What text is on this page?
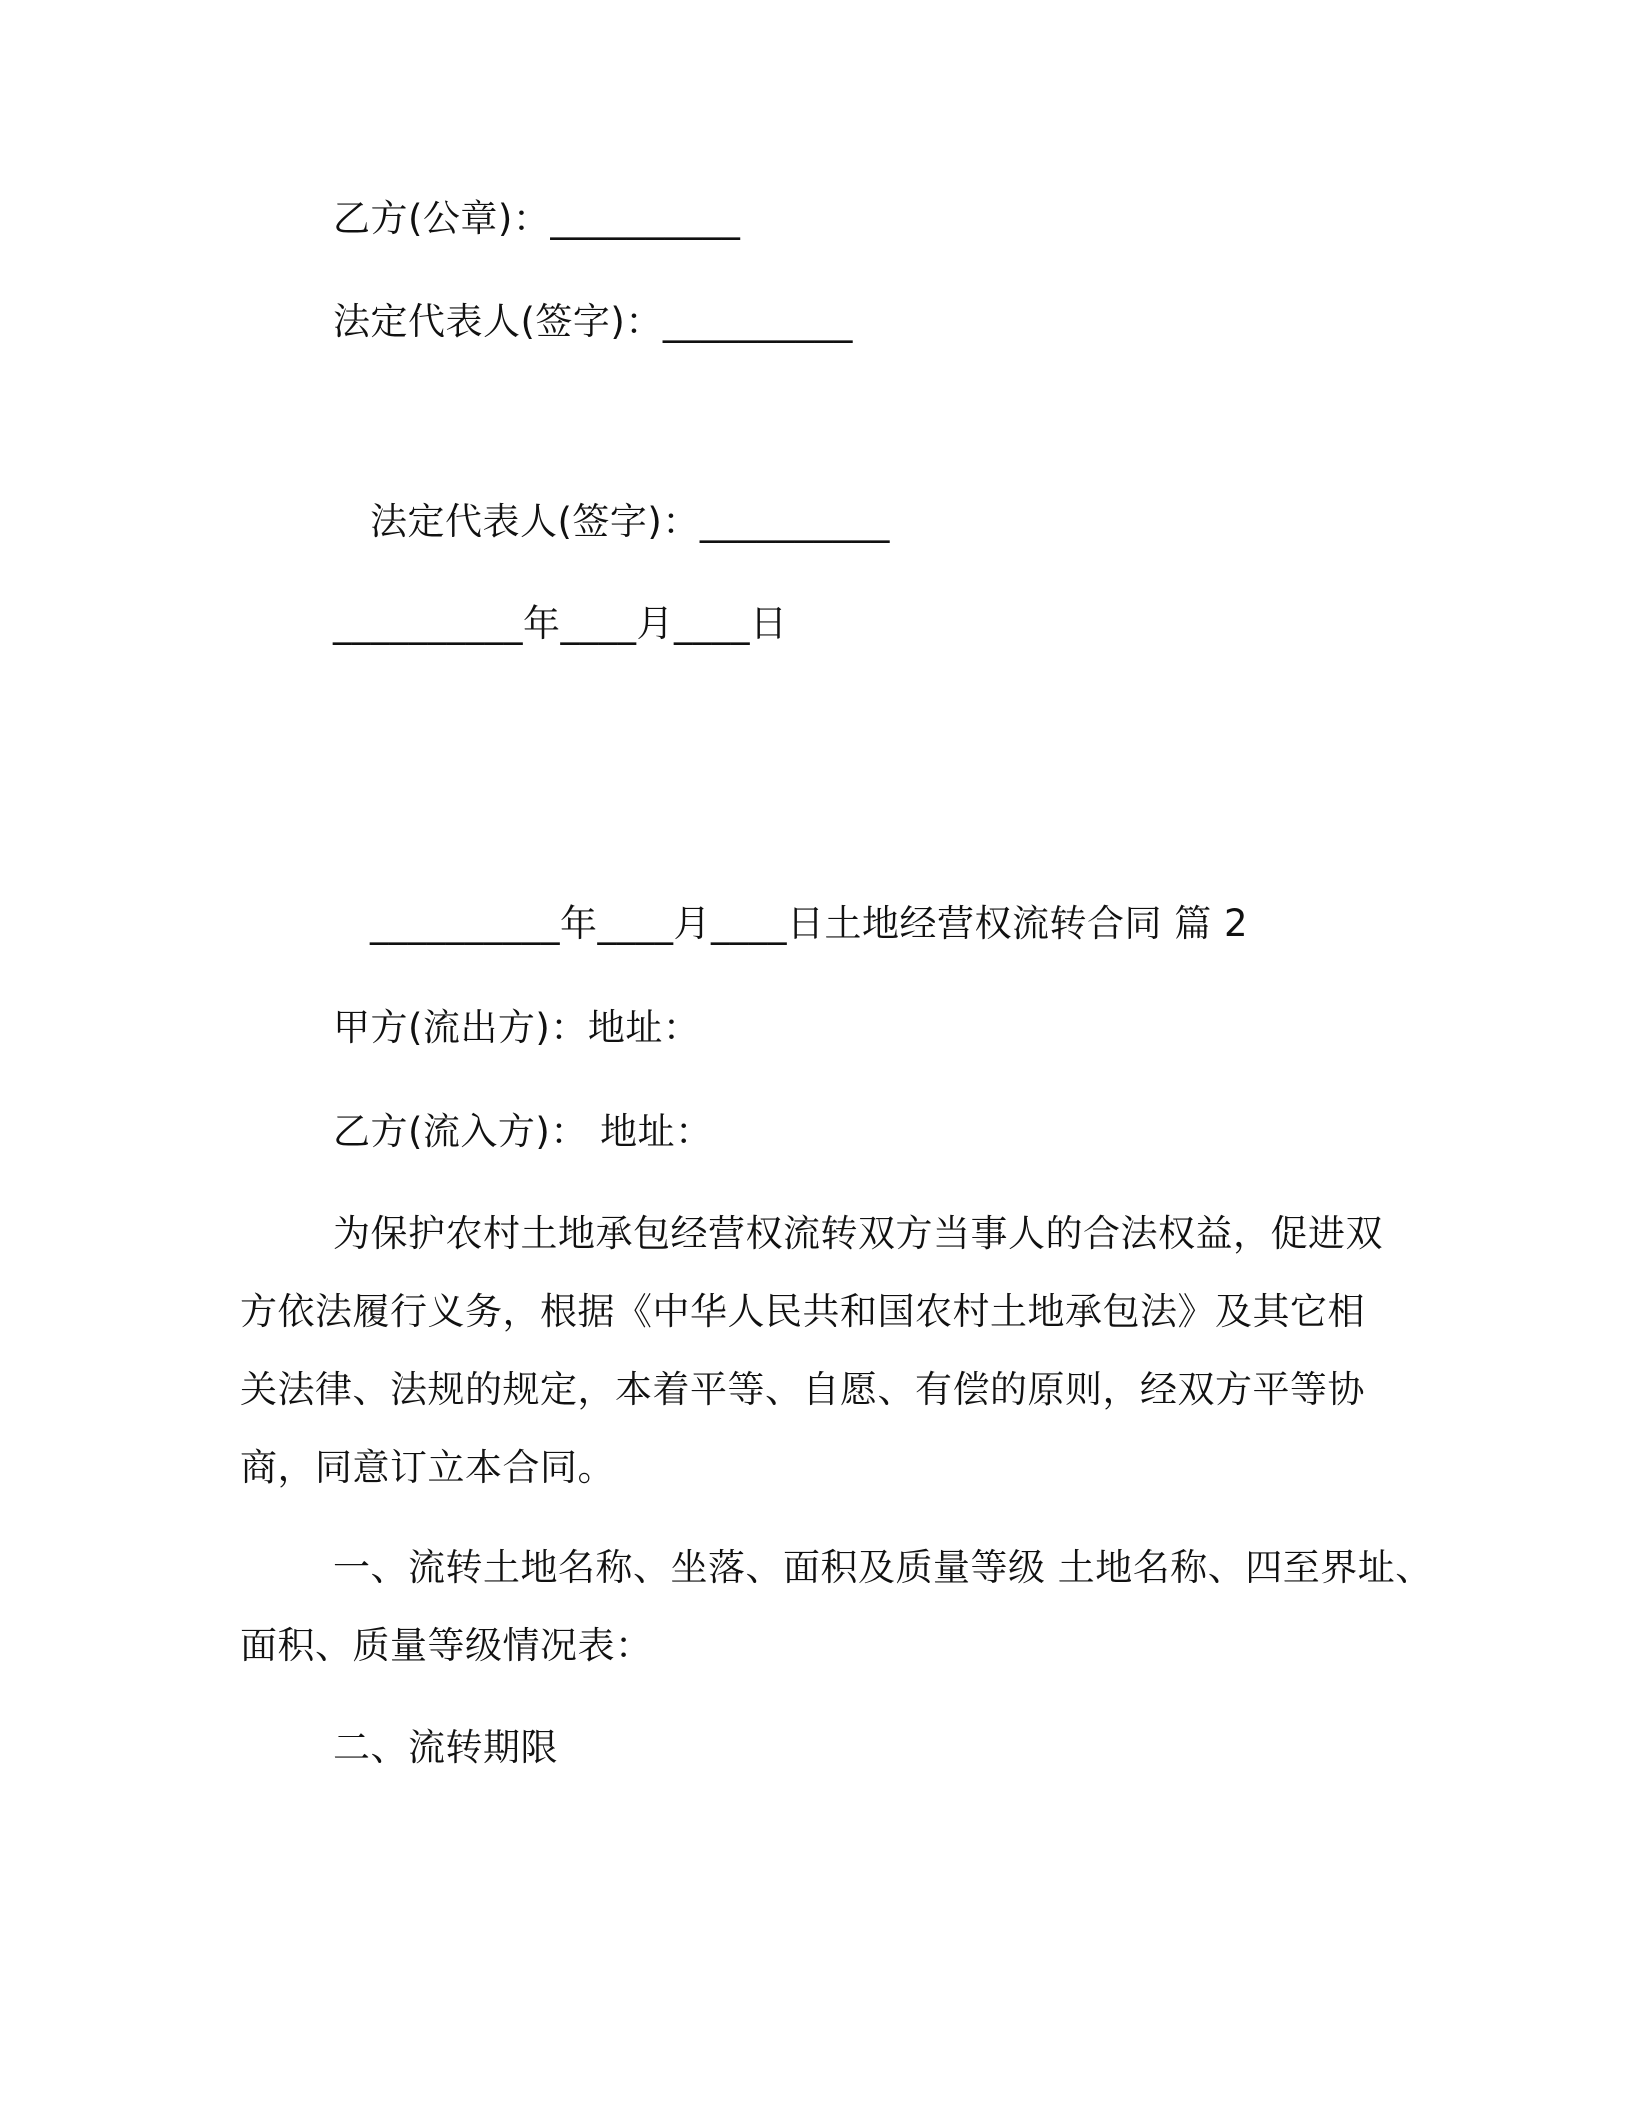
乙方(公章)：__________
法定代表人(签字)：__________
法定代表人(签字)：__________
__________年____月____日
__________年____月____日土地经营权流转合同 篇 2
甲方(流出方)：地址：
乙方(流入方)： 地址：
为保护农村土地承包经营权流转双方当事人的合法权益，促进双
方依法履行义务，根据《中华人民共和国农村土地承包法》及其它相
关法律、法规的规定，本着平等、自愿、有偿的原则，经双方平等协
商，同意订立本合同。
一、流转土地名称、坐落、面积及质量等级 土地名称、四至界址、
面积、质量等级情况表：
二、流转期限
